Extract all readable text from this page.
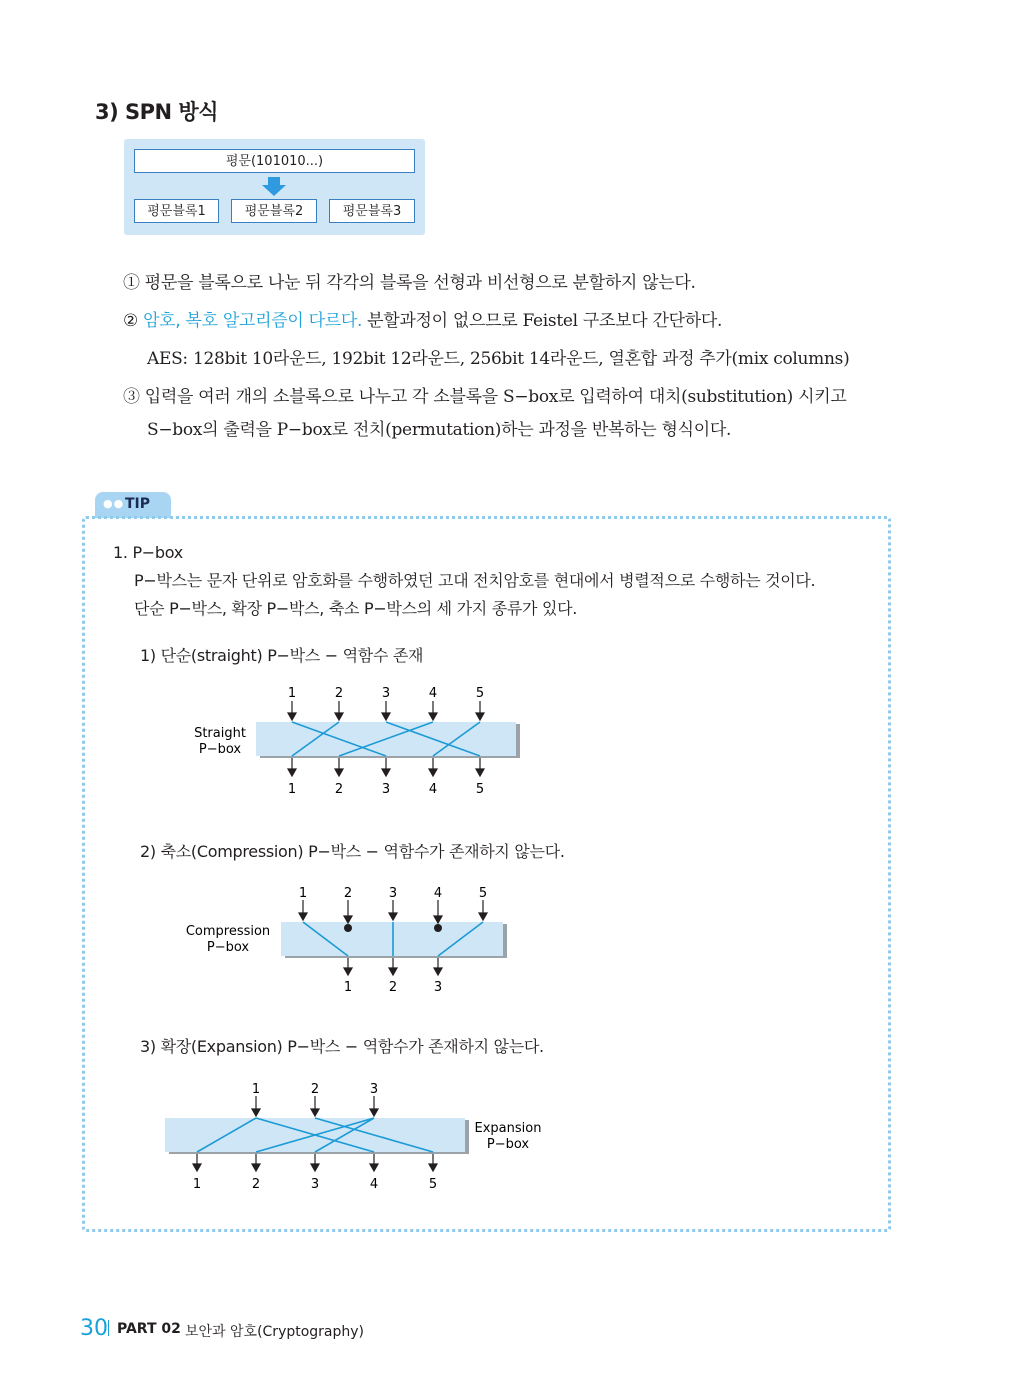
3) SPN 방식
평문(101010...)
평문블록1	평문블록2	평문블록3
① 평문을 블록으로 나눈 뒤 각각의 블록을 선형과 비선형으로 분할하지 않는다.
② 암호, 복호 알고리즘이 다르다. 분할과정이 없으므로 Feistel 구조보다 간단하다.
AES: 128bit 10라운드, 192bit 12라운드, 256bit 14라운드, 열혼합 과정 추가(mix columns)
③ 입력을 여러 개의 소블록으로 나누고 각 소블록을 S−box로 입력하여 대치(substitution) 시키고
S−box의 출력을 P−box로 전치(permutation)하는 과정을 반복하는 형식이다.
●● TIP
1. P−box
P−박스는 문자 단위로 암호화를 수행하였던 고대 전치암호를 현대에서 병렬적으로 수행하는 것이다.
단순 P−박스, 확장 P−박스, 축소 P−박스의 세 가지 종류가 있다.
1) 단순(straight) P−박스 − 역함수 존재
Straight
P−box
1	2	3	4	5
1	2	3	4	5
2) 축소(Compression) P−박스 − 역함수가 존재하지 않는다.
Compression
P−box
1	2	3	4	5
1	2	3
3) 확장(Expansion) P−박스 − 역함수가 존재하지 않는다.
Expansion
P−box
1	2	3
1	2	3	4	5
30 PART 02 보안과 암호(Cryptography)
